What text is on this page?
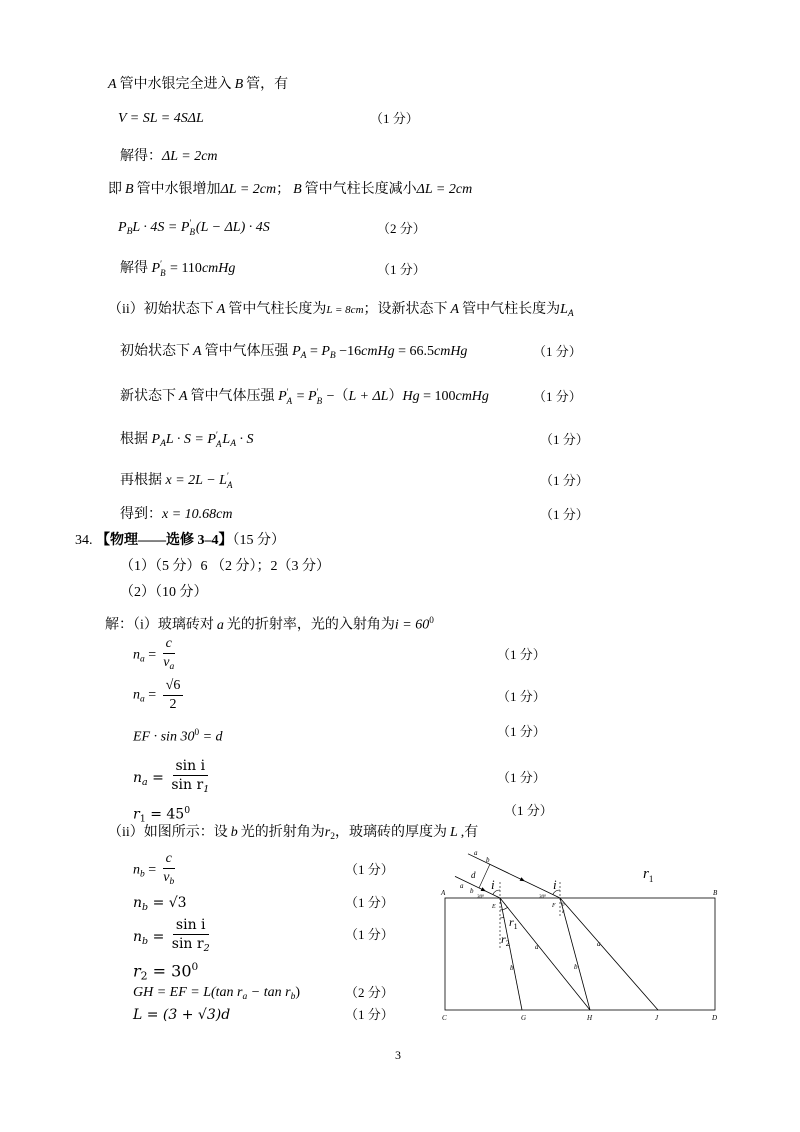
A 管中水银完全进入 B 管，有
V = SL = 4SΔL	（1 分）
解得：ΔL = 2cm
即 B 管中水银增加ΔL = 2cm； B 管中气柱长度减小ΔL = 2cm
$P_BL \cdot 4S = P$ ′
B (L − ΔL) · 4S	（2 分）
解得 P ′
B = 110cmHg	（1 分）
（ii）初始状态下 A 管中气柱长度为L = 8cm；设新状态下 A 管中气柱长度为$L_A$
初始状态下 A 管中气体压强 $P_A = P_B$ −16cmHg = 66.5cmHg	（1 分）
新状态下 A 管中气体压强 P ′
A = P ′
B −（L + ΔL）Hg = 100cmHg	（1 分）
根据 $P_AL \cdot S = P$ ′
A $L_A \cdot S$	（1 分）
再根据 x = 2L − L ′
A	（1 分）
得到：x = 10.68cm	（1 分）
34. 【物理——选修 3–4】（15 分）
（1）（5 分）6 （2 分）；2（3 分）
（2）（10 分）
解：（i）玻璃砖对 a 光的折射率，光的入射角为$i = 60^0$
$n_a = \frac{c}{v_a}$	（1 分）
$n_a = \frac{√6}{2}$	（1 分）
EF · $\sin 30^0 = d$	（1 分）
$n_a = \frac{\text{sin i}}{\sin r_1}$	（1 分）
$r_1 = 45^0$	（1 分）
（ii）如图所示：设 b 光的折射角为$r_2$，玻璃砖的厚度为 L ,有
$n_b = \frac{c}{v_b}$	（1 分）
$n_b = √3$	（1 分）
$n_b = \frac{\text{sin i}}{\sin r_2}$	（1 分）
$r_2 = 30^0$
GH = EF = L(tan $r_a - \tan r_b$)	（2 分）
L = (3 + √3)d	（1 分）
3
a
b
d
a
b
30⁰
i
E
30⁰
i
F b
a
$r_1$
$r_2$	a
b	b
a
A	B
C	D
G	H	J
$r_1$
